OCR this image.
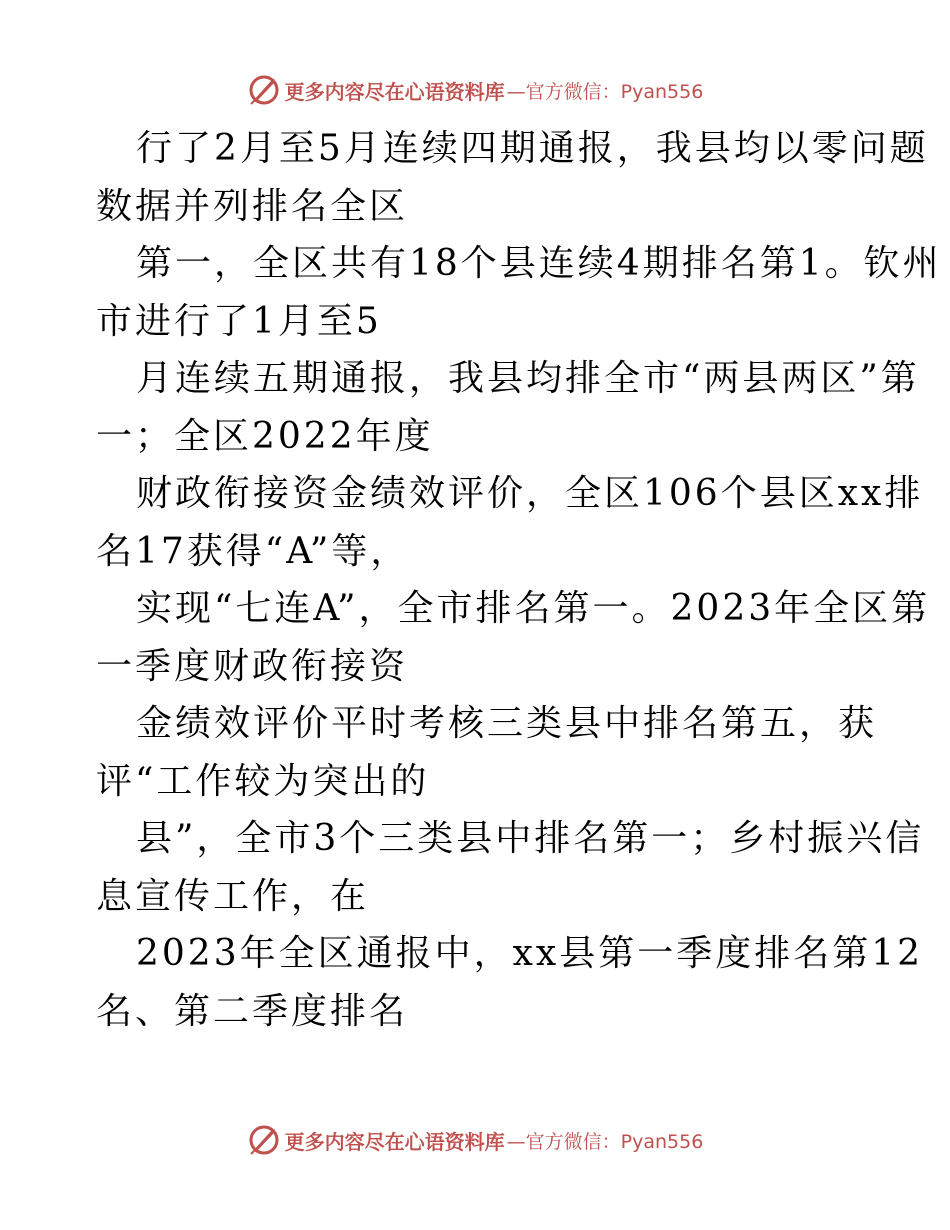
更多内容尽在心语资料库 —官方微信：Pyan556
行了2月至5月连续四期通报，我县均以零问题
数据并列排名全区
第一，全区共有18个县连续4期排名第1。钦州
市进行了1月至5
月连续五期通报，我县均排全市“两县两区”第
一；全区2022年度
财政衔接资金绩效评价，全区106个县区xx排
名17获得“A”等，
实现“七连A”，全市排名第一。2023年全区第
一季度财政衔接资
金绩效评价平时考核三类县中排名第五，获
评“工作较为突出的
县”，全市3个三类县中排名第一；乡村振兴信
息宣传工作，在
2023年全区通报中，xx县第一季度排名第12
名、第二季度排名
更多内容尽在心语资料库 —官方微信：Pyan556
